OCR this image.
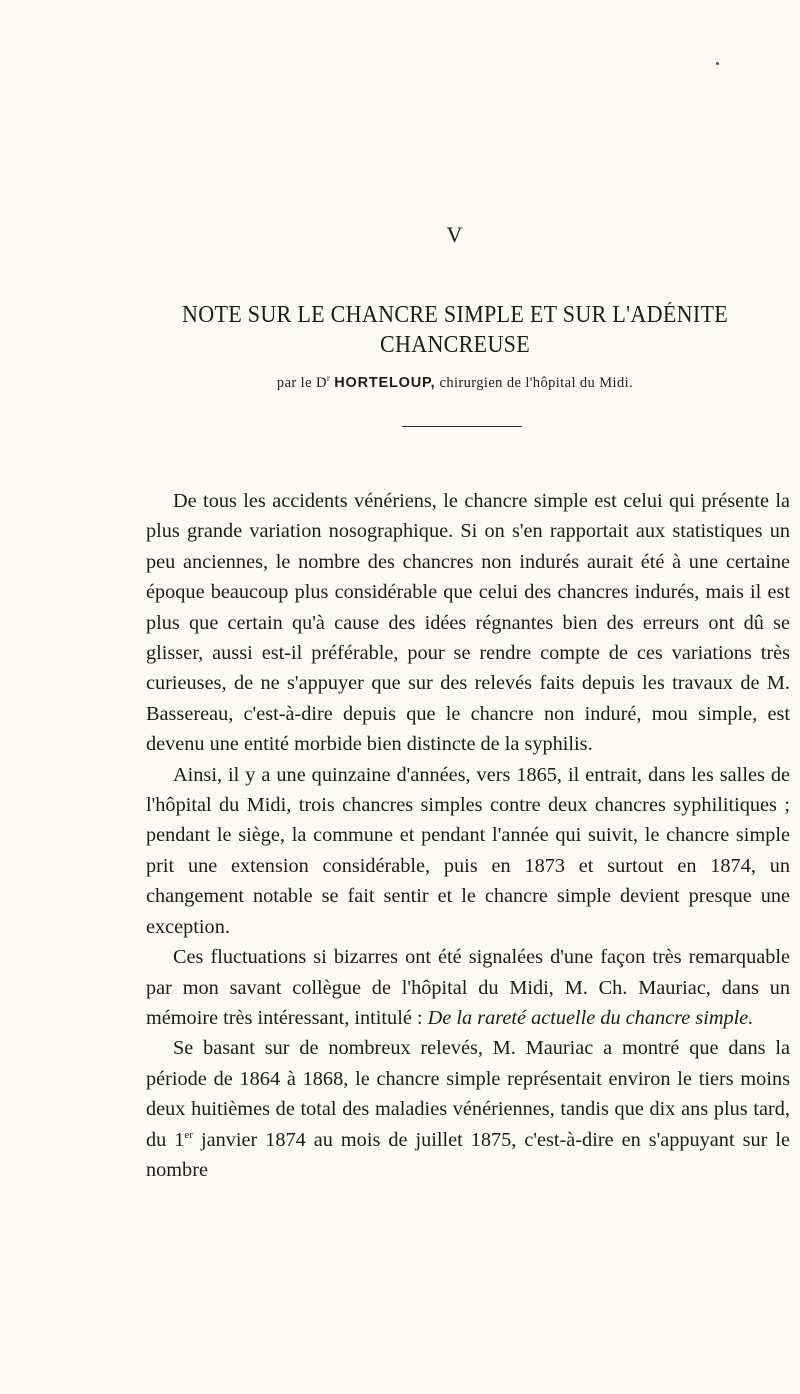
V
NOTE SUR LE CHANCRE SIMPLE ET SUR L'ADÉNITE CHANCREUSE
par le $D^r$ HORTELOUP, chirurgien de l'hôpital du Midi.

De tous les accidents vénériens, le chancre simple est celui qui présente la plus grande variation nosographique. Si on s'en rapportait aux statistiques un peu anciennes, le nombre des chancres non indurés aurait été à une certaine époque beaucoup plus considérable que celui des chancres indurés, mais il est plus que certain qu'à cause des idées régnantes bien des erreurs ont dû se glisser, aussi est-il préférable, pour se rendre compte de ces variations très curieuses, de ne s'appuyer que sur des relevés faits depuis les travaux de M. Bassereau, c'est-à-dire depuis que le chancre non induré, mou simple, est devenu une entité morbide bien distincte de la syphilis.

Ainsi, il y a une quinzaine d'années, vers 1865, il entrait, dans les salles de l'hôpital du Midi, trois chancres simples contre deux chancres syphilitiques ; pendant le siège, la commune et pendant l'année qui suivit, le chancre simple prit une extension considérable, puis en 1873 et surtout en 1874, un changement notable se fait sentir et le chancre simple devient presque une exception.

Ces fluctuations si bizarres ont été signalées d'une façon très remarquable par mon savant collègue de l'hôpital du Midi, M. Ch. Mauriac, dans un mémoire très intéressant, intitulé : De la rareté actuelle du chancre simple.

Se basant sur de nombreux relevés, M. Mauriac a montré que dans la période de 1864 à 1868, le chancre simple représentait environ le tiers moins deux huitièmes de total des maladies vénériennes, tandis que dix ans plus tard, du 1er janvier 1874 au mois de juillet 1875, c'est-à-dire en s'appuyant sur le nombre
